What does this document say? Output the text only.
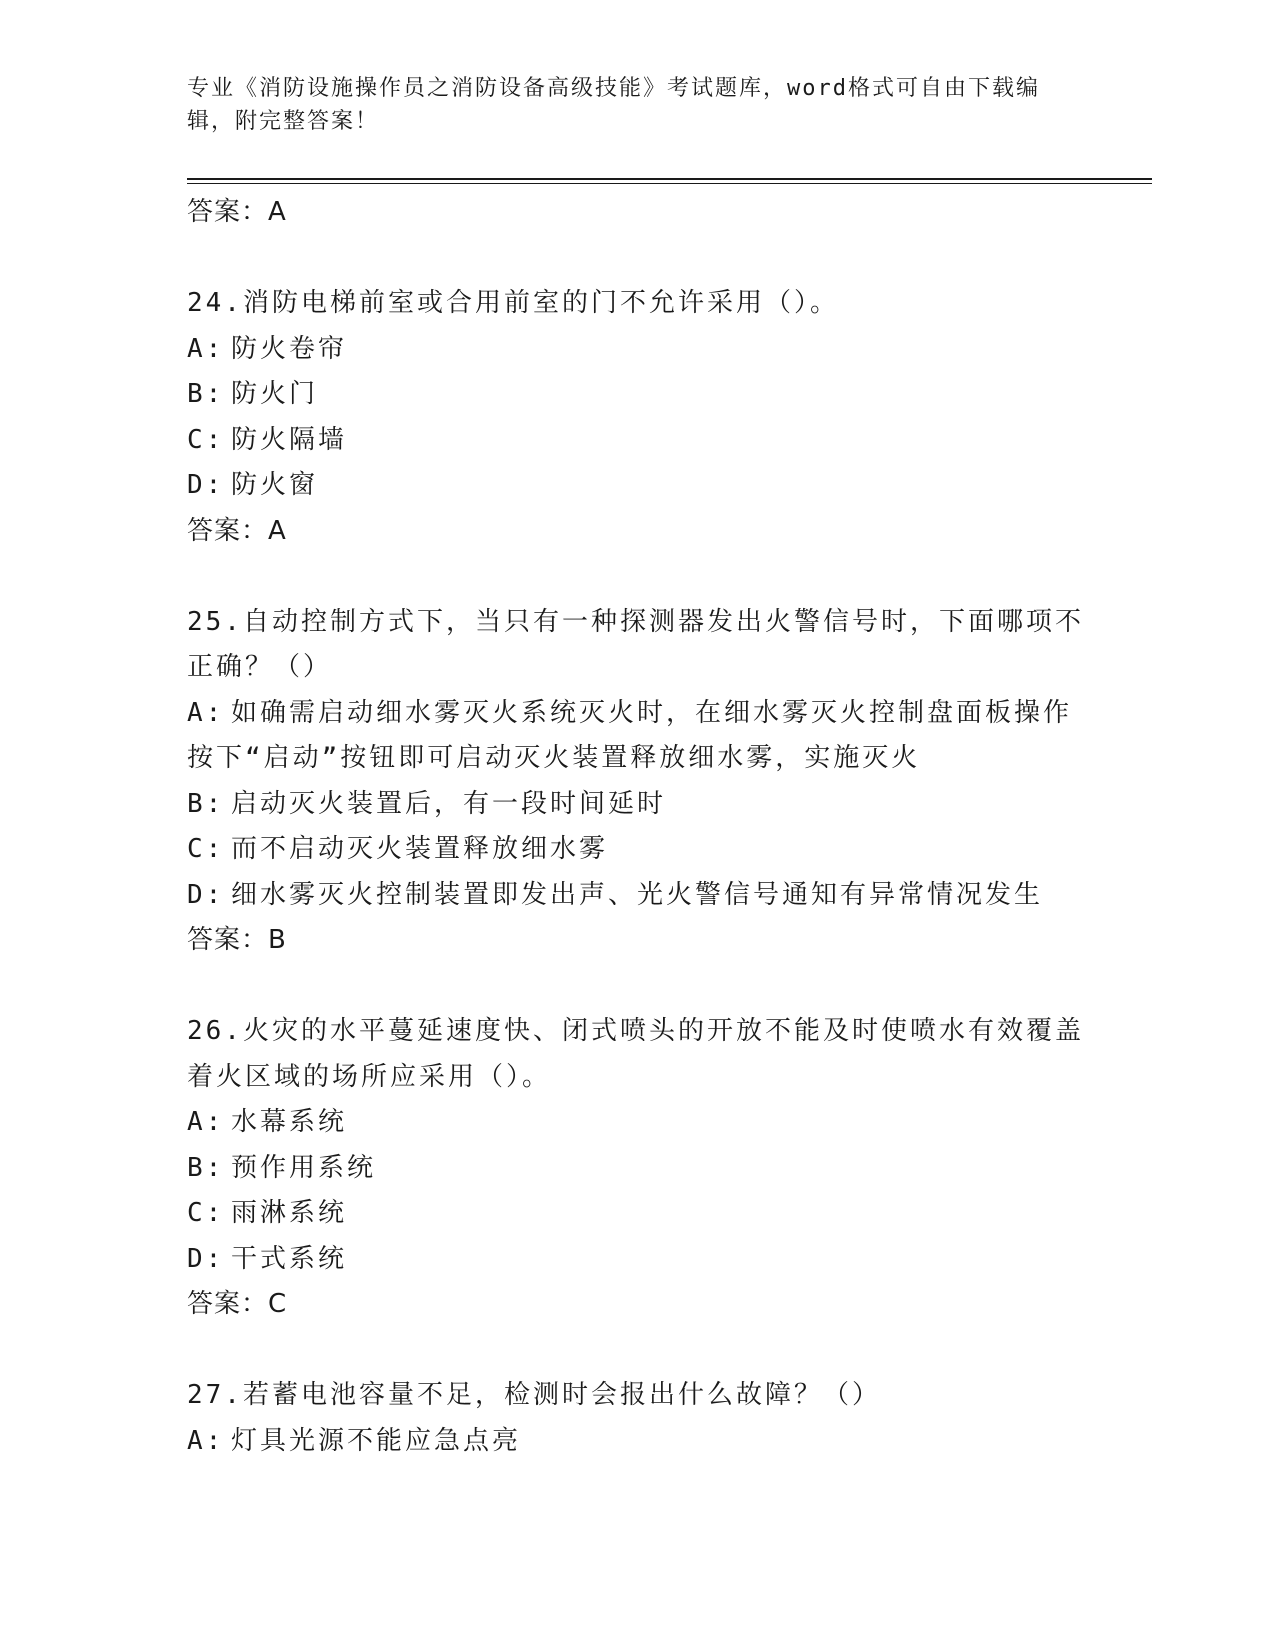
专业《消防设施操作员之消防设备高级技能》考试题库，word格式可自由下载编
辑，附完整答案！
答案：A
24.消防电梯前室或合用前室的门不允许采用（）。
A: 防火卷帘
B: 防火门
C: 防火隔墙
D: 防火窗
答案：A
25.自动控制方式下，当只有一种探测器发出火警信号时，下面哪项不
正确？（）
A: 如确需启动细水雾灭火系统灭火时，在细水雾灭火控制盘面板操作
按下“启动”按钮即可启动灭火装置释放细水雾，实施灭火
B: 启动灭火装置后，有一段时间延时
C: 而不启动灭火装置释放细水雾
D: 细水雾灭火控制装置即发出声、光火警信号通知有异常情况发生
答案：B
26.火灾的水平蔓延速度快、闭式喷头的开放不能及时使喷水有效覆盖
着火区域的场所应采用（）。
A: 水幕系统
B: 预作用系统
C: 雨淋系统
D: 干式系统
答案：C
27.若蓄电池容量不足，检测时会报出什么故障？（）
A: 灯具光源不能应急点亮
